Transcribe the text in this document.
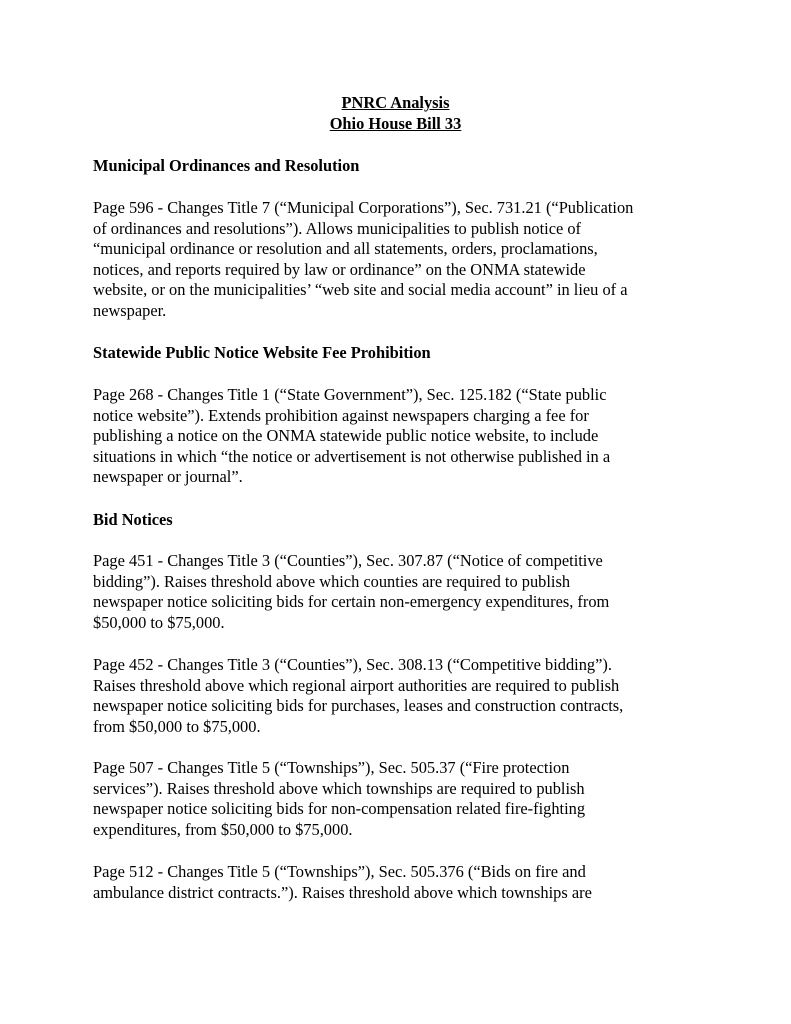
PNRC Analysis
Ohio House Bill 33
Municipal Ordinances and Resolution
Page 596 - Changes Title 7 (“Municipal Corporations”), Sec. 731.21 (“Publication
of ordinances and resolutions”). Allows municipalities to publish notice of
“municipal ordinance or resolution and all statements, orders, proclamations,
notices, and reports required by law or ordinance” on the ONMA statewide
website, or on the municipalities’ “web site and social media account” in lieu of a
newspaper.
Statewide Public Notice Website Fee Prohibition
Page 268 - Changes Title 1 (“State Government”), Sec. 125.182 (“State public
notice website”). Extends prohibition against newspapers charging a fee for
publishing a notice on the ONMA statewide public notice website, to include
situations in which “the notice or advertisement is not otherwise published in a
newspaper or journal”.
Bid Notices
Page 451 - Changes Title 3 (“Counties”), Sec. 307.87 (“Notice of competitive
bidding”). Raises threshold above which counties are required to publish
newspaper notice soliciting bids for certain non-emergency expenditures, from
$50,000 to $75,000.
Page 452 - Changes Title 3 (“Counties”), Sec. 308.13 (“Competitive bidding”).
Raises threshold above which regional airport authorities are required to publish
newspaper notice soliciting bids for purchases, leases and construction contracts,
from $50,000 to $75,000.
Page 507 - Changes Title 5 (“Townships”), Sec. 505.37 (“Fire protection
services”). Raises threshold above which townships are required to publish
newspaper notice soliciting bids for non-compensation related fire-fighting
expenditures, from $50,000 to $75,000.
Page 512 - Changes Title 5 (“Townships”), Sec. 505.376 (“Bids on fire and
ambulance district contracts.”). Raises threshold above which townships are
